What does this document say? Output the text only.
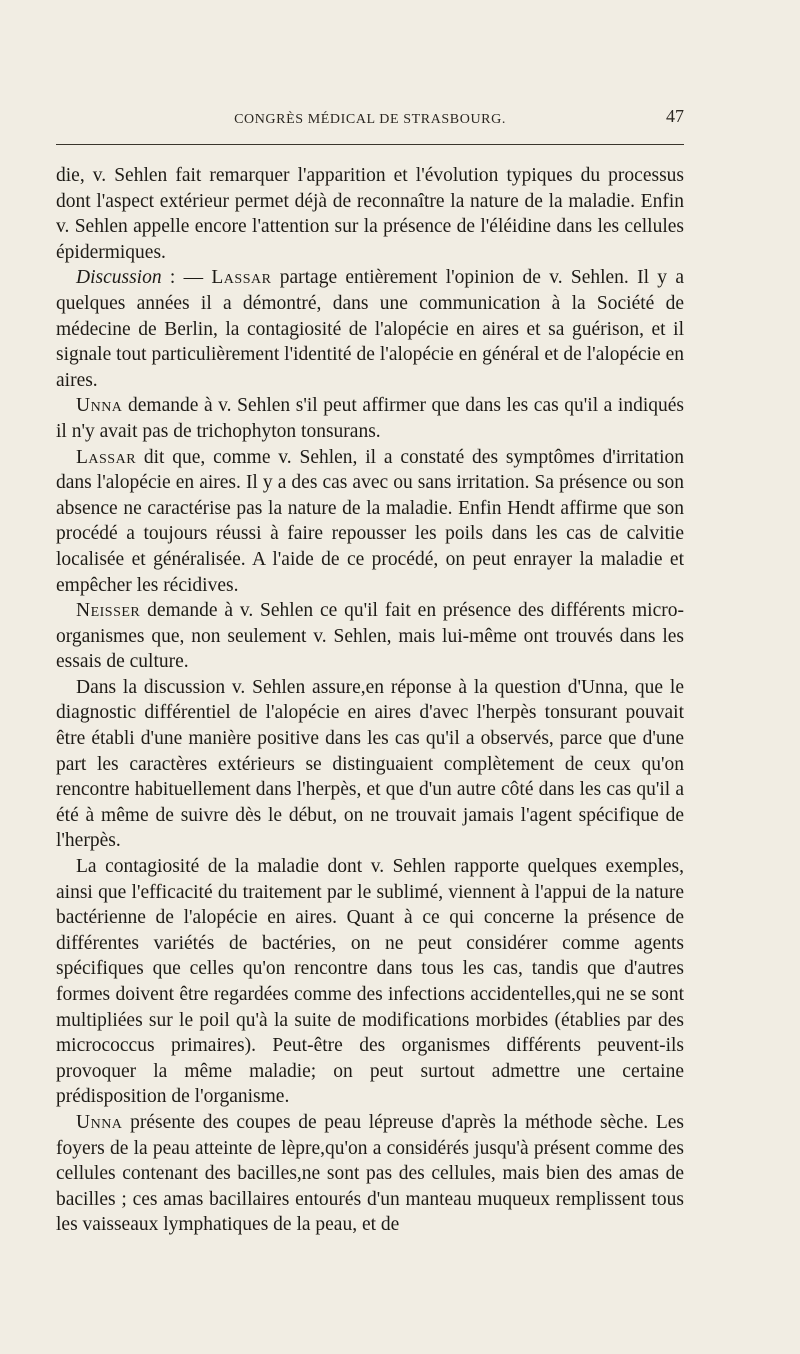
CONGRÈS MÉDICAL DE STRASBOURG.	47

die, v. Sehlen fait remarquer l'apparition et l'évolution typiques du processus dont l'aspect extérieur permet déjà de reconnaître la nature de la maladie. Enfin v. Sehlen appelle encore l'attention sur la présence de l'éléidine dans les cellules épidermiques.

Discussion : — Lassar partage entièrement l'opinion de v. Sehlen. Il y a quelques années il a démontré, dans une communication à la Société de médecine de Berlin, la contagiosité de l'alopécie en aires et sa guérison, et il signale tout particulièrement l'identité de l'alopécie en général et de l'alopécie en aires.

Unna demande à v. Sehlen s'il peut affirmer que dans les cas qu'il a indiqués il n'y avait pas de trichophyton tonsurans.

Lassar dit que, comme v. Sehlen, il a constaté des symptômes d'irritation dans l'alopécie en aires. Il y a des cas avec ou sans irritation. Sa présence ou son absence ne caractérise pas la nature de la maladie. Enfin Hendt affirme que son procédé a toujours réussi à faire repousser les poils dans les cas de calvitie localisée et généralisée. A l'aide de ce procédé, on peut enrayer la maladie et empêcher les récidives.

Neisser demande à v. Sehlen ce qu'il fait en présence des différents micro-organismes que, non seulement v. Sehlen, mais lui-même ont trouvés dans les essais de culture.

Dans la discussion v. Sehlen assure,en réponse à la question d'Unna, que le diagnostic différentiel de l'alopécie en aires d'avec l'herpès tonsurant pouvait être établi d'une manière positive dans les cas qu'il a observés, parce que d'une part les caractères extérieurs se distinguaient complètement de ceux qu'on rencontre habituellement dans l'herpès, et que d'un autre côté dans les cas qu'il a été à même de suivre dès le début, on ne trouvait jamais l'agent spécifique de l'herpès.

La contagiosité de la maladie dont v. Sehlen rapporte quelques exemples, ainsi que l'efficacité du traitement par le sublimé, viennent à l'appui de la nature bactérienne de l'alopécie en aires. Quant à ce qui concerne la présence de différentes variétés de bactéries, on ne peut considérer comme agents spécifiques que celles qu'on rencontre dans tous les cas, tandis que d'autres formes doivent être regardées comme des infections accidentelles,qui ne se sont multipliées sur le poil qu'à la suite de modifications morbides (établies par des micrococcus primaires). Peut-être des organismes différents peuvent-ils provoquer la même maladie; on peut surtout admettre une certaine prédisposition de l'organisme.

Unna présente des coupes de peau lépreuse d'après la méthode sèche. Les foyers de la peau atteinte de lèpre,qu'on a considérés jusqu'à présent comme des cellules contenant des bacilles,ne sont pas des cellules, mais bien des amas de bacilles ; ces amas bacillaires entourés d'un manteau muqueux remplissent tous les vaisseaux lymphatiques de la peau, et de
